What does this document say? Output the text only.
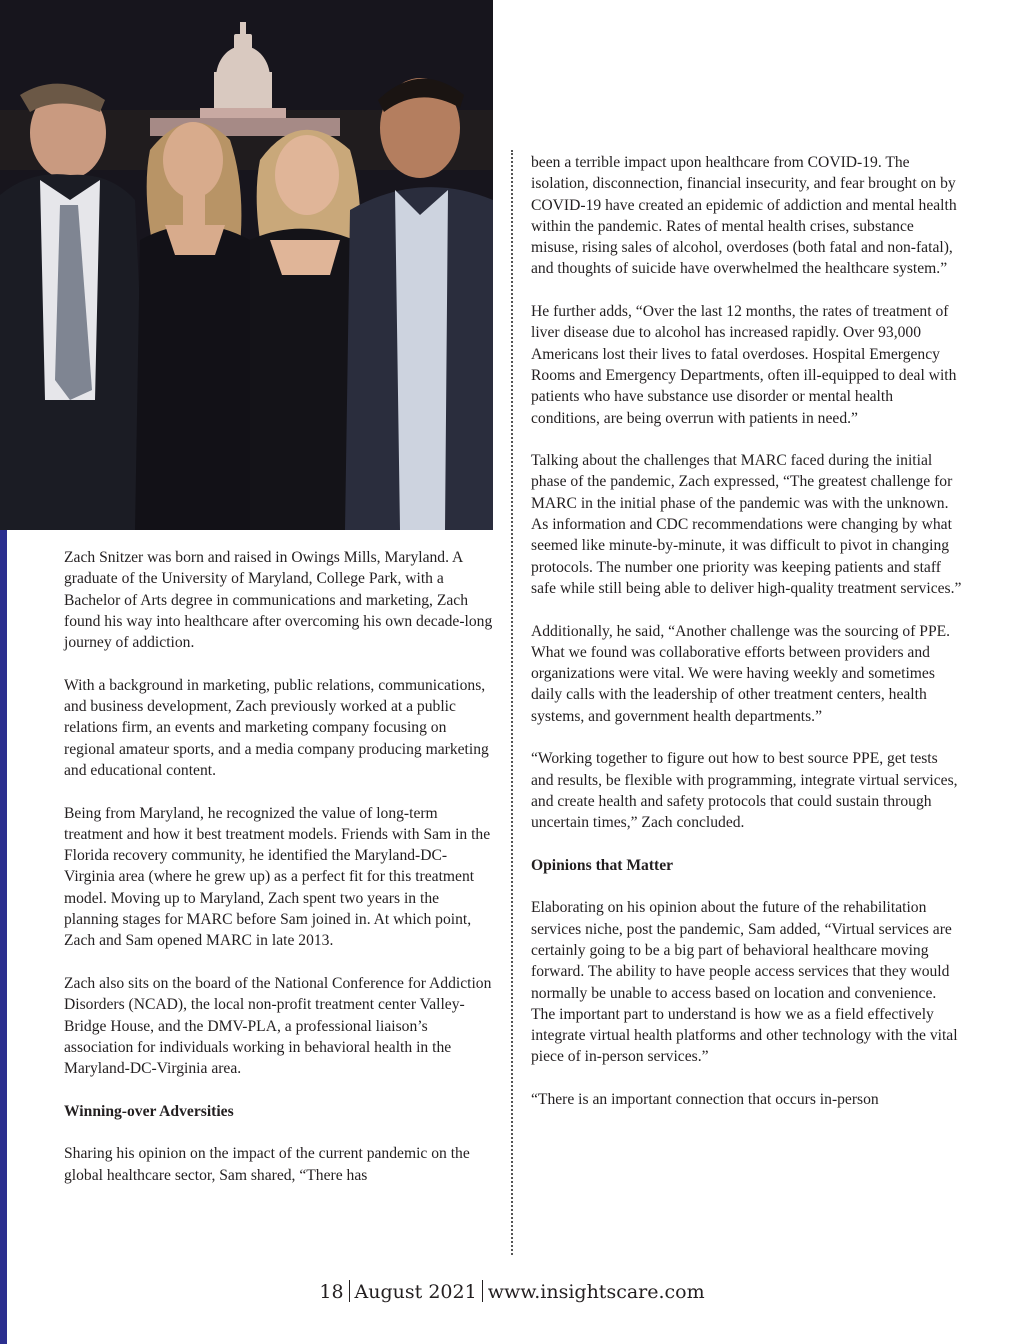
Zach Snitzer was born and raised in Owings Mills, Maryland. A graduate of the University of Maryland, College Park, with a Bachelor of Arts degree in communications and marketing, Zach found his way into healthcare after overcoming his own decade-long journey of addiction.

With a background in marketing, public relations, communications, and business development, Zach previously worked at a public relations firm, an events and marketing company focusing on regional amateur sports, and a media company producing marketing and educational content.

Being from Maryland, he recognized the value of long-term treatment and how it best treatment models. Friends with Sam in the Florida recovery community, he identified the Maryland-DC-Virginia area (where he grew up) as a perfect fit for this treatment model. Moving up to Maryland, Zach spent two years in the planning stages for MARC before Sam joined in. At which point, Zach and Sam opened MARC in late 2013.

Zach also sits on the board of the National Conference for Addiction Disorders (NCAD), the local non-profit treatment center Valley-Bridge House, and the DMV-PLA, a professional liaison’s association for individuals working in behavioral health in the Maryland-DC-Virginia area.

Winning-over Adversities

Sharing his opinion on the impact of the current pandemic on the global healthcare sector, Sam shared, “There has

been a terrible impact upon healthcare from COVID-19. The isolation, disconnection, financial insecurity, and fear brought on by COVID-19 have created an epidemic of addiction and mental health within the pandemic. Rates of mental health crises, substance misuse, rising sales of alcohol, overdoses (both fatal and non-fatal), and thoughts of suicide have overwhelmed the healthcare system.”

He further adds, “Over the last 12 months, the rates of treatment of liver disease due to alcohol has increased rapidly. Over 93,000 Americans lost their lives to fatal overdoses. Hospital Emergency Rooms and Emergency Departments, often ill-equipped to deal with patients who have substance use disorder or mental health conditions, are being overrun with patients in need.”

Talking about the challenges that MARC faced during the initial phase of the pandemic, Zach expressed, “The greatest challenge for MARC in the initial phase of the pandemic was with the unknown. As information and CDC recommendations were changing by what seemed like minute-by-minute, it was difficult to pivot in changing protocols. The number one priority was keeping patients and staff safe while still being able to deliver high-quality treatment services.”

Additionally, he said, “Another challenge was the sourcing of PPE. What we found was collaborative efforts between providers and organizations were vital. We were having weekly and sometimes daily calls with the leadership of other treatment centers, health systems, and government health departments.”

“Working together to figure out how to best source PPE, get tests and results, be flexible with programming, integrate virtual services, and create health and safety protocols that could sustain through uncertain times,” Zach concluded.

Opinions that Matter

Elaborating on his opinion about the future of the rehabilitation services niche, post the pandemic, Sam added, “Virtual services are certainly going to be a big part of behavioral healthcare moving forward. The ability to have people access services that they would normally be unable to access based on location and convenience. The important part to understand is how we as a field effectively integrate virtual health platforms and other technology with the vital piece of in-person services.”

“There is an important connection that occurs in-person

18 August 2021 www.insightscare.com
